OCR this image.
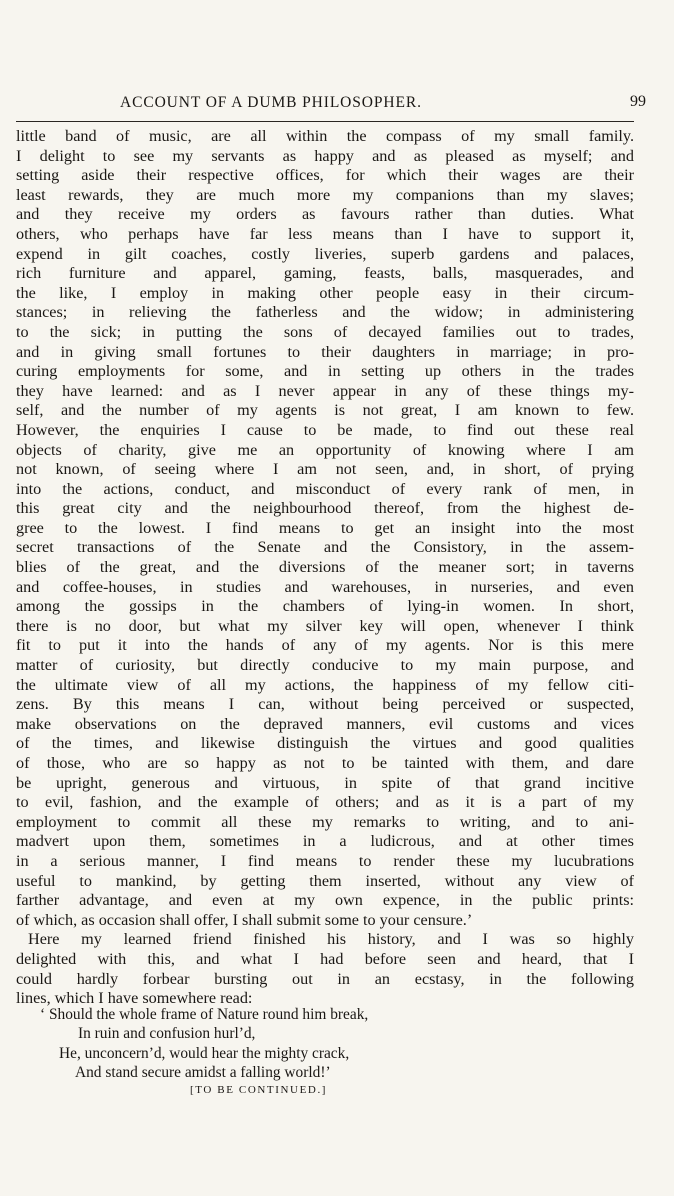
ACCOUNT OF A DUMB PHILOSOPHER.	99
little band of music, are all within the compass of my small family.
I delight to see my servants as happy and as pleased as myself; and
setting aside their respective offices, for which their wages are their
least rewards, they are much more my companions than my slaves;
and they receive my orders as favours rather than duties. What
others, who perhaps have far less means than I have to support it,
expend in gilt coaches, costly liveries, superb gardens and palaces,
rich furniture and apparel, gaming, feasts, balls, masquerades, and
the like, I employ in making other people easy in their circum-
stances; in relieving the fatherless and the widow; in administering
to the sick; in putting the sons of decayed families out to trades,
and in giving small fortunes to their daughters in marriage; in pro-
curing employments for some, and in setting up others in the trades
they have learned: and as I never appear in any of these things my-
self, and the number of my agents is not great, I am known to few.
However, the enquiries I cause to be made, to find out these real
objects of charity, give me an opportunity of knowing where I am
not known, of seeing where I am not seen, and, in short, of prying
into the actions, conduct, and misconduct of every rank of men, in
this great city and the neighbourhood thereof, from the highest de-
gree to the lowest. I find means to get an insight into the most
secret transactions of the Senate and the Consistory, in the assem-
blies of the great, and the diversions of the meaner sort; in taverns
and coffee-houses, in studies and warehouses, in nurseries, and even
among the gossips in the chambers of lying-in women. In short,
there is no door, but what my silver key will open, whenever I think
fit to put it into the hands of any of my agents. Nor is this mere
matter of curiosity, but directly conducive to my main purpose, and
the ultimate view of all my actions, the happiness of my fellow citi-
zens. By this means I can, without being perceived or suspected,
make observations on the depraved manners, evil customs and vices
of the times, and likewise distinguish the virtues and good qualities
of those, who are so happy as not to be tainted with them, and dare
be upright, generous and virtuous, in spite of that grand incitive
to evil, fashion, and the example of others; and as it is a part of my
employment to commit all these my remarks to writing, and to ani-
madvert upon them, sometimes in a ludicrous, and at other times
in a serious manner, I find means to render these my lucubrations
useful to mankind, by getting them inserted, without any view of
farther advantage, and even at my own expence, in the public prints:
of which, as occasion shall offer, I shall submit some to your censure.’
Here my learned friend finished his history, and I was so highly
delighted with this, and what I had before seen and heard, that I
could hardly forbear bursting out in an ecstasy, in the following
lines, which I have somewhere read:
‘ Should the whole frame of Nature round him break,
In ruin and confusion hurl’d,
He, unconcern’d, would hear the mighty crack,
And stand secure amidst a falling world!’
[TO BE CONTINUED.]
